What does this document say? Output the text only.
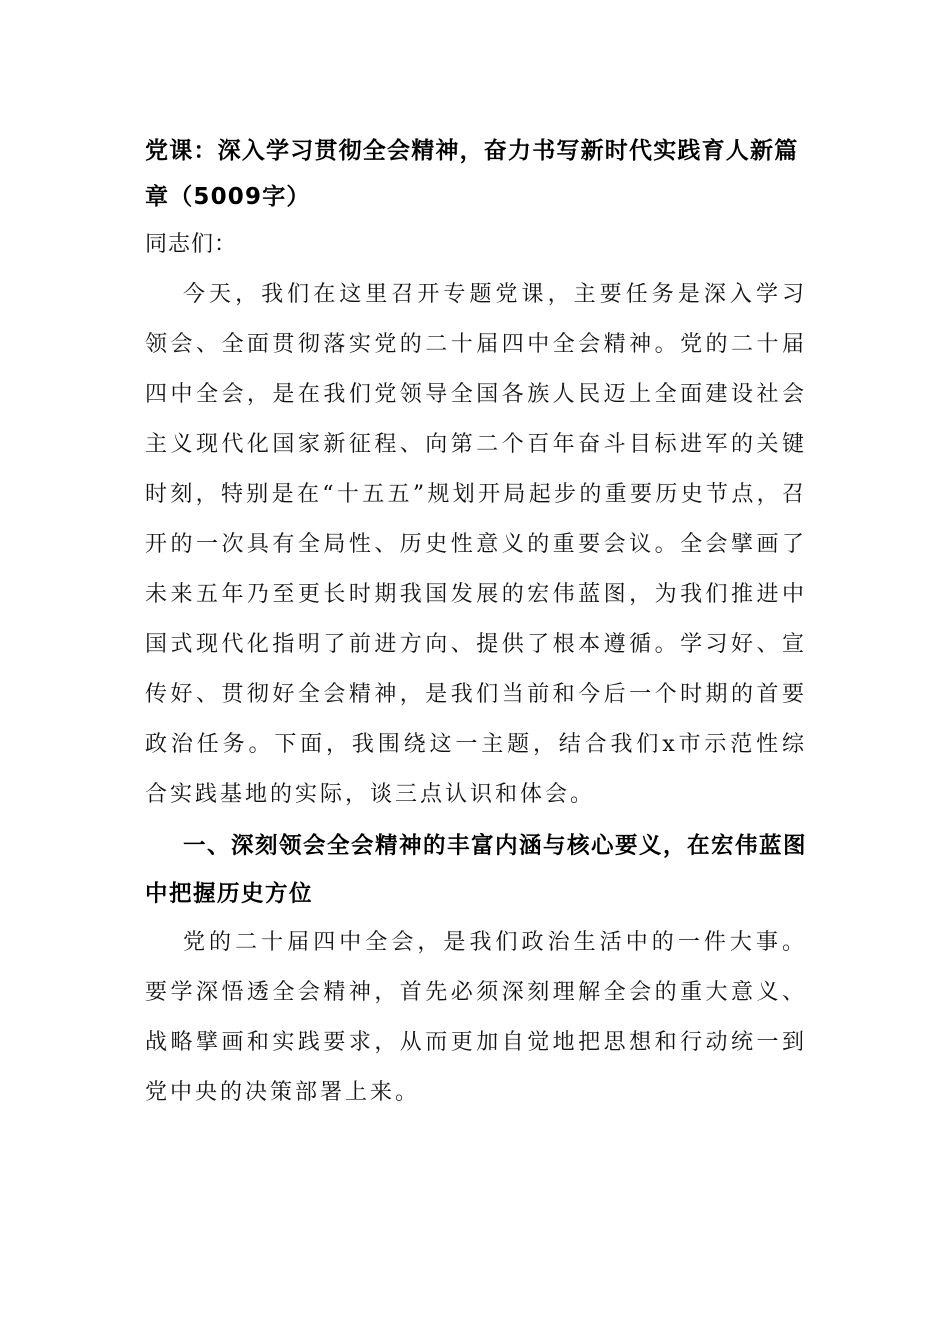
党课：深入学习贯彻全会精神，奋力书写新时代实践育人新篇章（5009字）

同志们：

今天，我们在这里召开专题党课，主要任务是深入学习领会、全面贯彻落实党的二十届四中全会精神。党的二十届四中全会，是在我们党领导全国各族人民迈上全面建设社会主义现代化国家新征程、向第二个百年奋斗目标进军的关键时刻，特别是在“十五五”规划开局起步的重要历史节点，召开的一次具有全局性、历史性意义的重要会议。全会擘画了未来五年乃至更长时期我国发展的宏伟蓝图，为我们推进中国式现代化指明了前进方向、提供了根本遵循。学习好、宣传好、贯彻好全会精神，是我们当前和今后一个时期的首要政治任务。下面，我围绕这一主题，结合我们x市示范性综合实践基地的实际，谈三点认识和体会。

一、深刻领会全会精神的丰富内涵与核心要义，在宏伟蓝图中把握历史方位

党的二十届四中全会，是我们政治生活中的一件大事。要学深悟透全会精神，首先必须深刻理解全会的重大意义、战略擘画和实践要求，从而更加自觉地把思想和行动统一到党中央的决策部署上来。
